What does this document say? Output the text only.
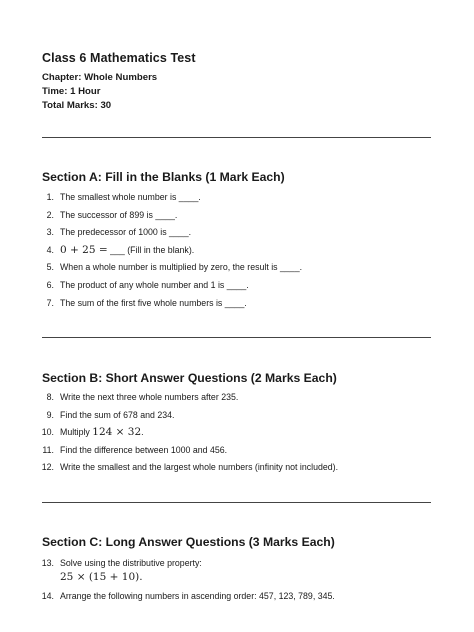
Class 6 Mathematics Test
Chapter: Whole Numbers
Time: 1 Hour
Total Marks: 30
Section A: Fill in the Blanks (1 Mark Each)
1. The smallest whole number is ____.
2. The successor of 899 is ____.
3. The predecessor of 1000 is ____.
4. 0 + 25 = ___ (Fill in the blank).
5. When a whole number is multiplied by zero, the result is ____.
6. The product of any whole number and 1 is ____.
7. The sum of the first five whole numbers is ____.
Section B: Short Answer Questions (2 Marks Each)
8. Write the next three whole numbers after 235.
9. Find the sum of 678 and 234.
10. Multiply 124 × 32.
11. Find the difference between 1000 and 456.
12. Write the smallest and the largest whole numbers (infinity not included).
Section C: Long Answer Questions (3 Marks Each)
13. Solve using the distributive property:
25 × (15 + 10).
14. Arrange the following numbers in ascending order: 457, 123, 789, 345.
